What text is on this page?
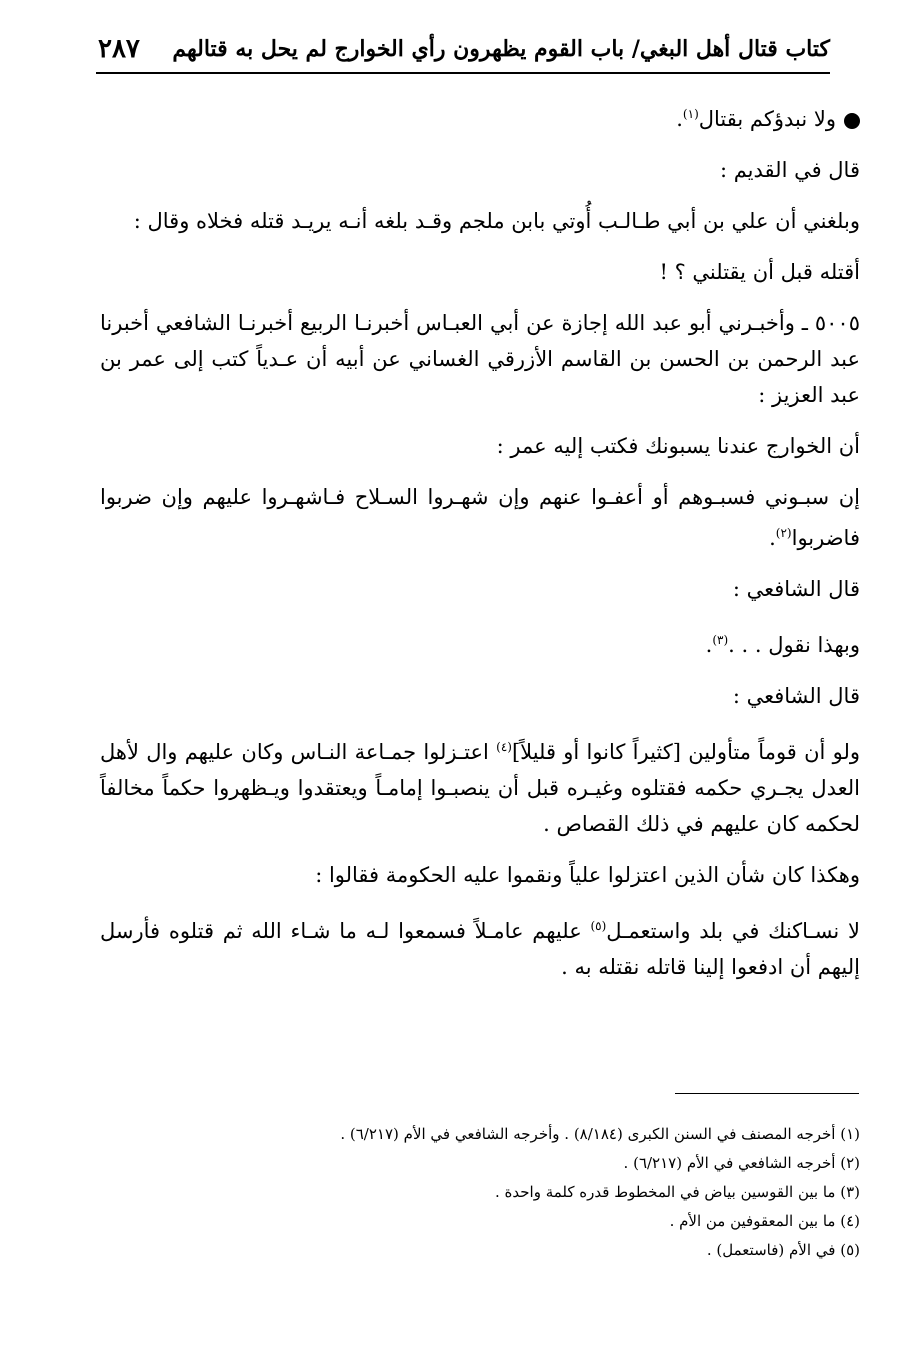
كتاب قتال أهل البغي/ باب القوم يظهرون رأي الخوارج لم يحل به قتالهم
٢٨٧

ولا نبدؤكم بقتال$^{(١)}$.

قال في القديم :

وبلغني أن علي بن أبي طـالـب أُوتي بابن ملجم وقـد بلغه أنـه يريـد قتله فخلاه وقال :

أقتله قبل أن يقتلني ؟ !

٥٠٠٥ ـ وأخبـرني أبو عبد الله إجازة عن أبي العبـاس أخبرنـا الربيع أخبرنـا الشافعي أخبرنا عبد الرحمن بن الحسن بن القاسم الأزرقي الغساني عن أبيه أن عـدياً كتب إلى عمر بن عبد العزيز :

أن الخوارج عندنا يسبونك فكتب إليه عمر :

إن سبـوني فسبـوهم أو أعفـوا عنهم وإن شهـروا السـلاح فـاشهـروا عليهم وإن ضربوا فاضربوا$^{(٢)}$.

قال الشافعي :

وبهذا نقول . . .$^{(٣)}$.

قال الشافعي :

ولو أن قوماً متأولين [كثيراً كانوا أو قليلاً]$^{(٤)}$ اعتـزلوا جمـاعة النـاس وكان عليهم وال لأهل العدل يجـري حكمه فقتلوه وغيـره قبل أن ينصبـوا إمامـاً ويعتقدوا ويـظهروا حكماً مخالفاً لحكمه كان عليهم في ذلك القصاص .

وهكذا كان شأن الذين اعتزلوا علياً ونقموا عليه الحكومة فقالوا :

لا نسـاكنك في بلد واستعمـل$^{(٥)}$ عليهم عامـلاً فسمعوا لـه ما شـاء الله ثم قتلوه فأرسل إليهم أن ادفعوا إلينا قاتله نقتله به .

(١) أخرجه المصنف في السنن الكبرى (٨/١٨٤) . وأخرجه الشافعي في الأم (٦/٢١٧) .
(٢) أخرجه الشافعي في الأم (٦/٢١٧) .
(٣) ما بين القوسين بياض في المخطوط قدره كلمة واحدة .
(٤) ما بين المعقوفين من الأم .
(٥) في الأم (فاستعمل) .
